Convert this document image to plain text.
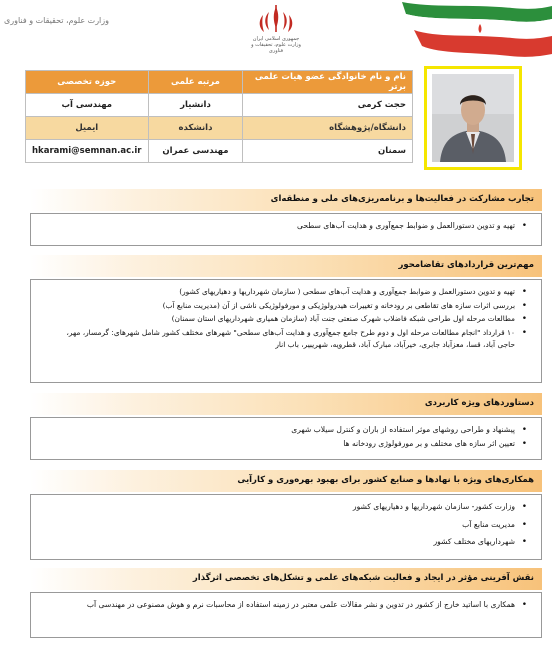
وزارت علوم، تحقیقات و فناوری
جمهوری اسلامی ایران
وزارت علوم، تحقیقات و فناوری
نام و نام خانوادگی عضو هیات علمی برتر	مرتبه علمی	حوزه تخصصی
حجت کرمی	دانشیار	مهندسی آب
دانشگاه/پژوهشگاه	دانشکده	ایمیل
سمنان	مهندسی عمران	hkarami@semnan.ac.ir
تجارب مشارکت در فعالیت‌ها و برنامه‌ریزی‌های ملی و منطقه‌ای
• تهیه و تدوین دستورالعمل و ضوابط جمع‌آوری و هدایت آب‌های سطحی
مهم‌ترین قراردادهای تقاضامحور
• تهیه و تدوین دستورالعمل و ضوابط جمع‌آوری و هدایت آب‌های سطحی ( سازمان شهرداریها و دهیاریهای کشور)
• بررسی اثرات سازه های تقاطعی بر رودخانه و تغییرات هیدرولوژیکی و مورفولوژیکی ناشی از آن (مدیریت منابع آب)
• مطالعات مرحله اول طراحی شبکه فاضلاب شهرک صنعتی جنت آباد (سازمان همیاری شهرداریهای استان سمنان)
• ۱۰ قرارداد "انجام مطالعات مرحله اول و دوم طرح جامع جمع‌آوری و هدایت آب‌های سطحی" شهرهای مختلف کشور شامل شهرهای: گرمسار، مهر، حاجی آباد، قسا، معزآباد جابری، خیرآباد، مبارک آباد، قطرویه، شهریبیر، باب انار
دستاوردهای ویژه کاربردی
• پیشنهاد و طراحی روشهای موثر استفاده از باران و کنترل سیلاب شهری
• تعیین اثر سازه های مختلف و بر مورفولوژی رودخانه ها
همکاری‌های ویژه با نهادها و صنایع کشور برای بهبود بهره‌وری و کارآیی
• وزارت کشور- سازمان شهرداریها و دهیاریهای کشور
• مدیریت منابع آب
• شهرداریهای مختلف کشور
نقش آفرینی مؤثر در ایجاد و فعالیت شبکه‌های علمی و تشکل‌های تخصصی اثرگذار
• همکاری با اساتید خارج از کشور در تدوین و نشر مقالات علمی معتبر در زمینه استفاده از محاسبات نرم و هوش مصنوعی در مهندسی آب
